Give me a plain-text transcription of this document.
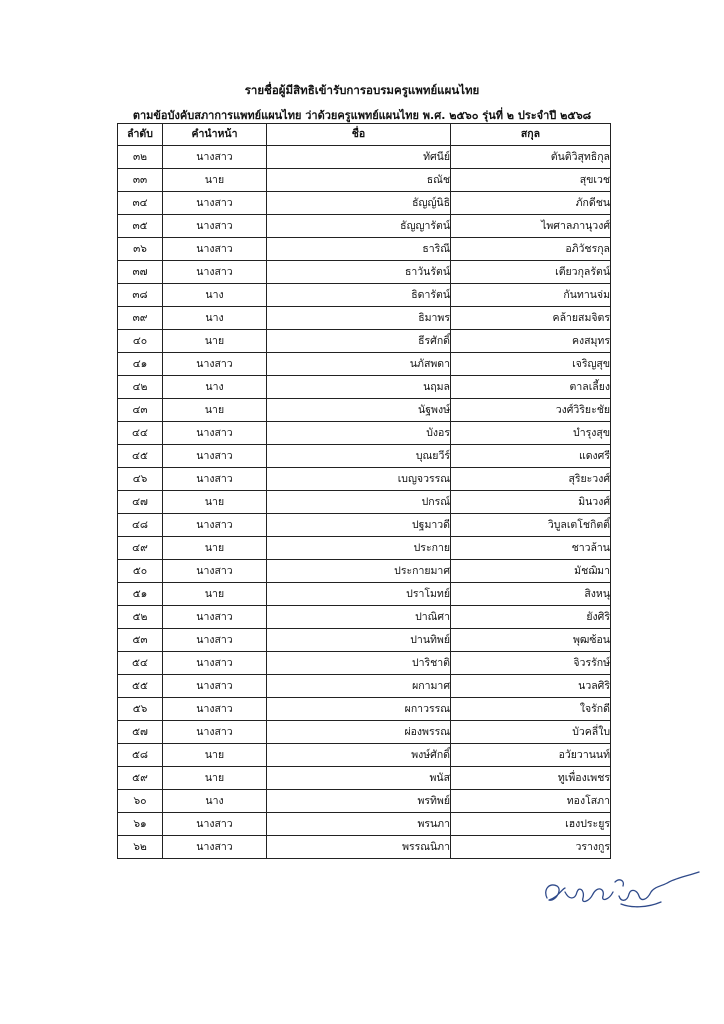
รายชื่อผู้มีสิทธิเข้ารับการอบรมครูแพทย์แผนไทย
ตามข้อบังคับสภาการแพทย์แผนไทย ว่าด้วยครูแพทย์แผนไทย พ.ศ. ๒๕๖๐ รุ่นที่ ๒ ประจำปี ๒๕๖๘
ลำดับ	คำนำหน้า	ชื่อ	สกุล
๓๒	นางสาว	ทัศนีย์	ตันติวิสุทธิกุล
๓๓	นาย	ธณัช	สุขเวช
๓๔	นางสาว	ธัญญ์นิธิ	ภักดีชน
๓๕	นางสาว	ธัญญารัตน์	ไพศาลภานุวงศ์
๓๖	นางสาว	ธาริณี	อภิวัชรกุล
๓๗	นางสาว	ธาวันรัตน์	เตียวกุลรัตน์
๓๘	นาง	ธิดารัตน์	กันทานจ่ม
๓๙	นาง	ธิมาพร	คล้ายสมจิตร
๔๐	นาย	ธีรศักดิ์	คงสมุทร
๔๑	นางสาว	นภัสพดา	เจริญสุข
๔๒	นาง	นฤมล	ตาลเลี้ยง
๔๓	นาย	นัฐพงษ์	วงศ์วิริยะชัย
๔๔	นางสาว	บังอร	บำรุงสุข
๔๕	นางสาว	บุณยวีร์	แดงศรี
๔๖	นางสาว	เบญจวรรณ	สุริยะวงศ์
๔๗	นาย	ปกรณ์	มินวงศ์
๔๘	นางสาว	ปฐมาวดี	วิบูลเตโชกิตติ์
๔๙	นาย	ประกาย	ชาวล้าน
๕๐	นางสาว	ประกายมาศ	มัชฌิมา
๕๑	นาย	ปราโมทย์	สิงหนุ
๕๒	นางสาว	ปาณิศา	ยังศิริ
๕๓	นางสาว	ปานทิพย์	พุฒซ้อน
๕๔	นางสาว	ปาริชาติ	จิวรรักษ์
๕๕	นางสาว	ผกามาศ	นวลศิริ
๕๖	นางสาว	ผกาวรรณ	ใจรักดี
๕๗	นางสาว	ผ่องพรรณ	บัวคลี่ใบ
๕๘	นาย	พงษ์ศักดิ์	อวัยวานนท์
๕๙	นาย	พนัส	ทูเพื่องเพชร
๖๐	นาง	พรทิพย์	ทองโสภา
๖๑	นางสาว	พรนภา	เฮงประยูร
๖๒	นางสาว	พรรณนิภา	วรางกูร
